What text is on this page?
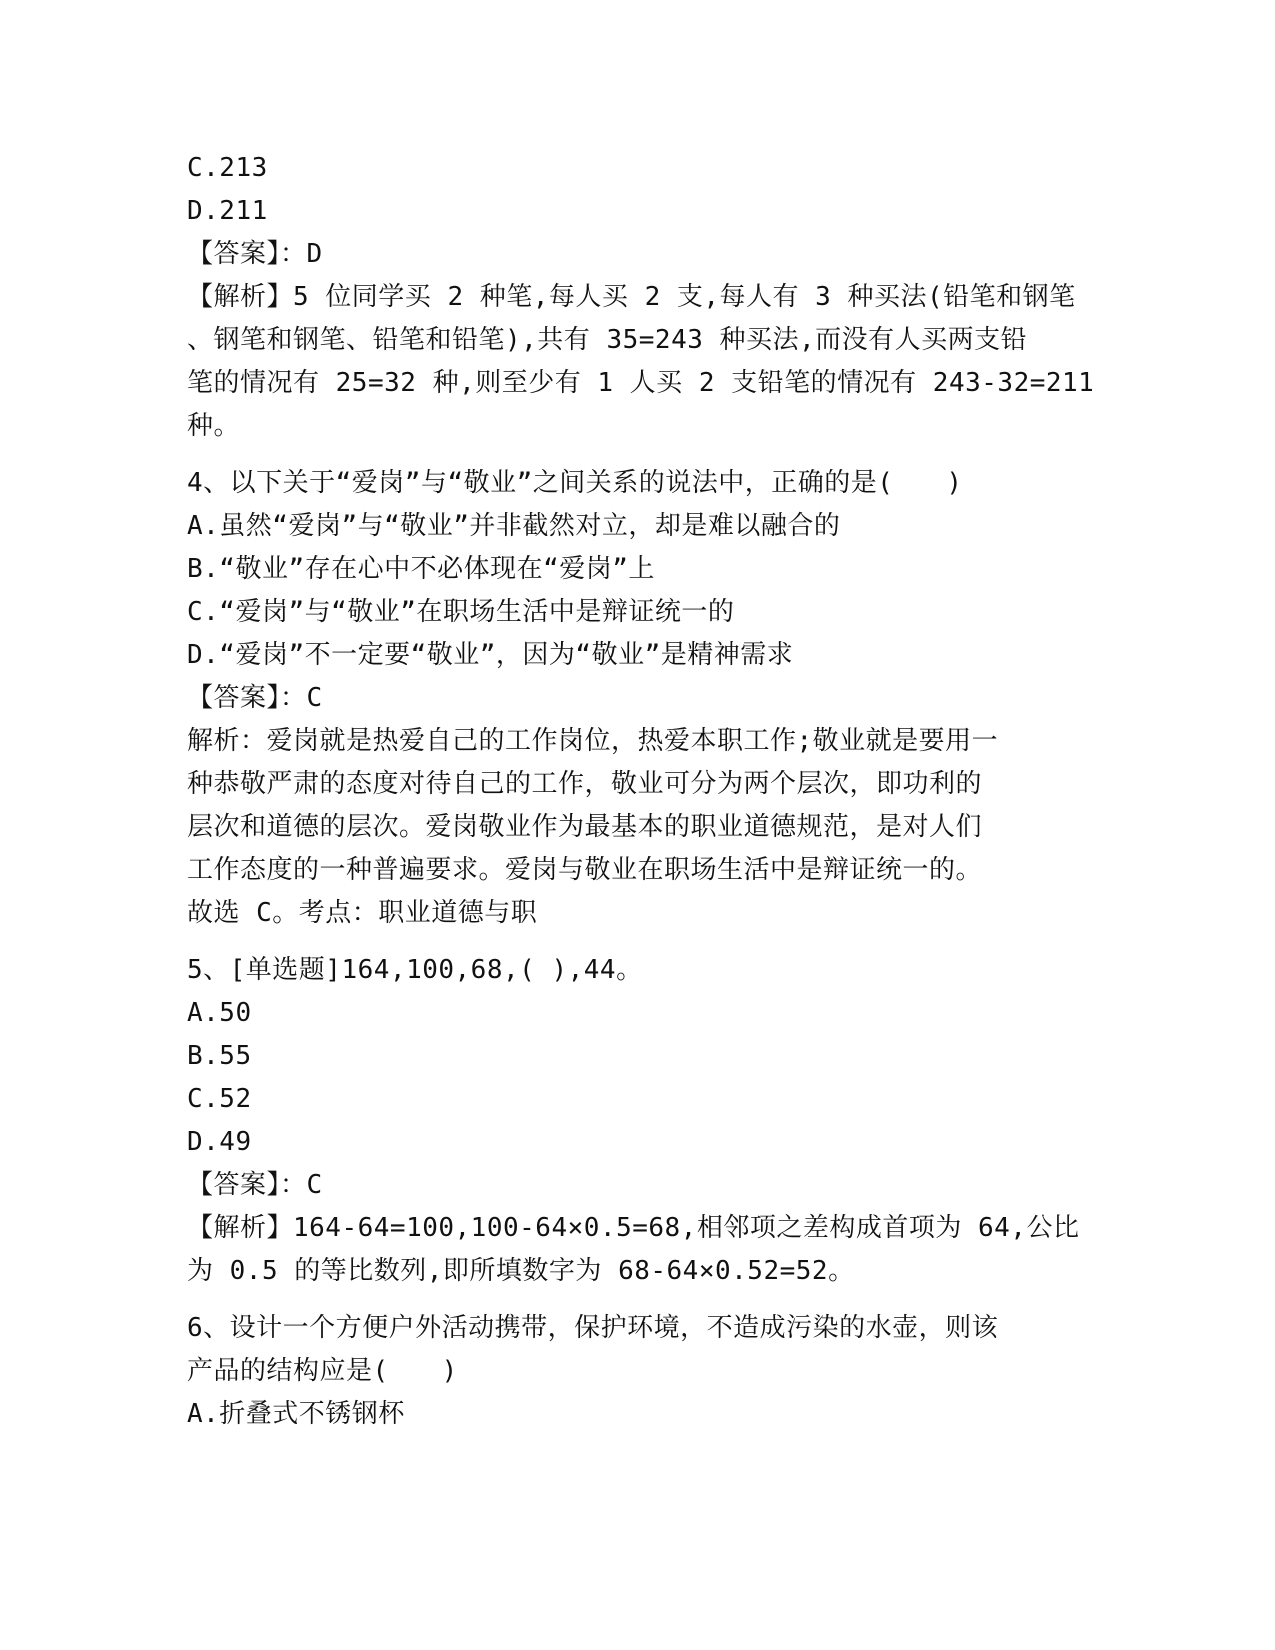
C.213
D.211
【答案】：D
【解析】5 位同学买 2 种笔,每人买 2 支,每人有 3 种买法(铅笔和钢笔
、钢笔和钢笔、铅笔和铅笔),共有 35=243 种买法,而没有人买两支铅
笔的情况有 25=32 种,则至少有 1 人买 2 支铅笔的情况有 243-32=211
种。
4、以下关于“爱岗”与“敬业”之间关系的说法中，正确的是(　　)
A.虽然“爱岗”与“敬业”并非截然对立，却是难以融合的
B.“敬业”存在心中不必体现在“爱岗”上
C.“爱岗”与“敬业”在职场生活中是辩证统一的
D.“爱岗”不一定要“敬业”，因为“敬业”是精神需求
【答案】：C
解析：爱岗就是热爱自己的工作岗位，热爱本职工作;敬业就是要用一
种恭敬严肃的态度对待自己的工作，敬业可分为两个层次，即功利的
层次和道德的层次。爱岗敬业作为最基本的职业道德规范，是对人们
工作态度的一种普遍要求。爱岗与敬业在职场生活中是辩证统一的。
故选 C。考点：职业道德与职
5、[单选题]164,100,68,( ),44。
A.50
B.55
C.52
D.49
【答案】：C
【解析】164-64=100,100-64×0.5=68,相邻项之差构成首项为 64,公比
为 0.5 的等比数列,即所填数字为 68-64×0.52=52。
6、设计一个方便户外活动携带，保护环境，不造成污染的水壶，则该
产品的结构应是(　　)
A.折叠式不锈钢杯
